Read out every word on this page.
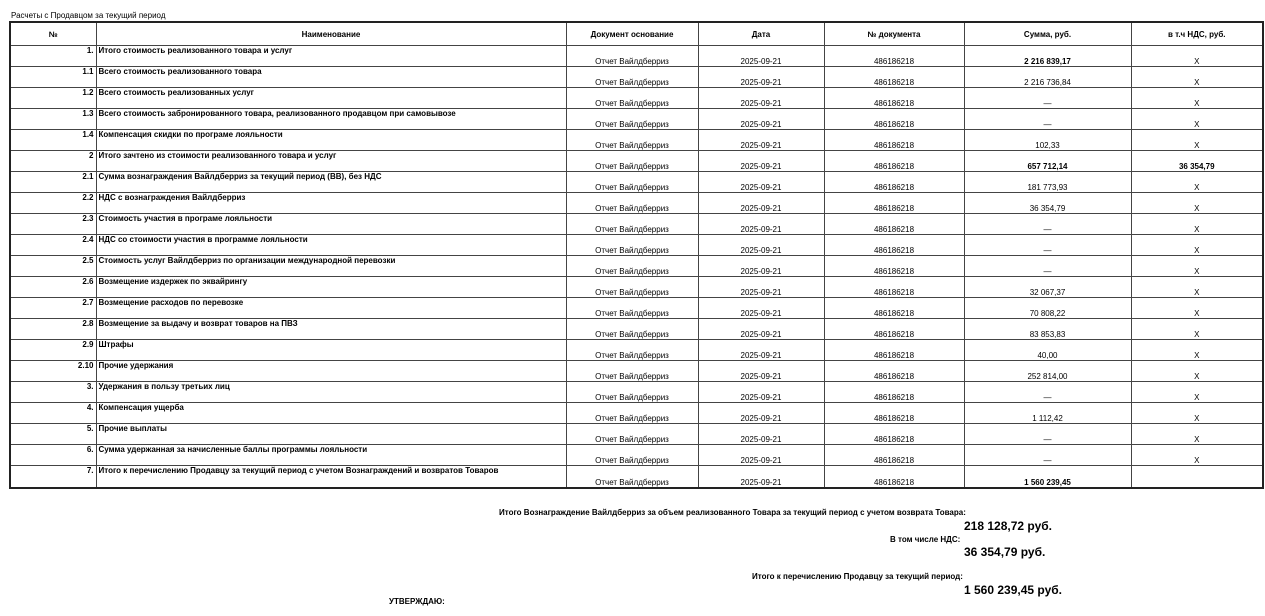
Расчеты с Продавцом за текущий период
№	Наименование	Документ основание	Дата	№ документа	Сумма, руб.	в т.ч НДС, руб.
1.	Итого стоимость реализованного товара и услуг	Отчет Вайлдберриз	2025-09-21	486186218	2 216 839,17	X
1.1	Всего стоимость реализованного товара	Отчет Вайлдберриз	2025-09-21	486186218	2 216 736,84	X
1.2	Всего стоимость реализованных услуг	Отчет Вайлдберриз	2025-09-21	486186218	—	X
1.3	Всего стоимость забронированного товара, реализованного продавцом при самовывозе	Отчет Вайлдберриз	2025-09-21	486186218	—	X
1.4	Компенсация скидки по програме лояльности	Отчет Вайлдберриз	2025-09-21	486186218	102,33	X
2	Итого зачтено из стоимости реализованного товара и услуг	Отчет Вайлдберриз	2025-09-21	486186218	657 712,14	36 354,79
2.1	Сумма вознаграждения Вайлдберриз за текущий период (ВВ), без НДС	Отчет Вайлдберриз	2025-09-21	486186218	181 773,93	X
2.2	НДС с вознаграждения Вайлдберриз	Отчет Вайлдберриз	2025-09-21	486186218	36 354,79	X
2.3	Стоимость участия в програме лояльности	Отчет Вайлдберриз	2025-09-21	486186218	—	X
2.4	НДС со стоимости участия в программе лояльности	Отчет Вайлдберриз	2025-09-21	486186218	—	X
2.5	Стоимость услуг Вайлдберриз по организации международной перевозки	Отчет Вайлдберриз	2025-09-21	486186218	—	X
2.6	Возмещение издержек по эквайрингу	Отчет Вайлдберриз	2025-09-21	486186218	32 067,37	X
2.7	Возмещение расходов по перевозке	Отчет Вайлдберриз	2025-09-21	486186218	70 808,22	X
2.8	Возмещение за выдачу и возврат товаров на ПВЗ	Отчет Вайлдберриз	2025-09-21	486186218	83 853,83	X
2.9	Штрафы	Отчет Вайлдберриз	2025-09-21	486186218	40,00	X
2.10	Прочие удержания	Отчет Вайлдберриз	2025-09-21	486186218	252 814,00	X
3.	Удержания в пользу третьих лиц	Отчет Вайлдберриз	2025-09-21	486186218	—	X
4.	Компенсация ущерба	Отчет Вайлдберриз	2025-09-21	486186218	1 112,42	X
5.	Прочие выплаты	Отчет Вайлдберриз	2025-09-21	486186218	—	X
6.	Сумма удержанная за начисленные баллы программы лояльности	Отчет Вайлдберриз	2025-09-21	486186218	—	X
7.	Итого к перечислению Продавцу за текущий период с учетом Вознаграждений и возвратов Товаров	Отчет Вайлдберриз	2025-09-21	486186218	1 560 239,45	
Итого Вознаграждение Вайлдберриз за объем реализованного Товара за текущий период с учетом возврата Товара:
218 128,72 руб.
В том числе НДС:
36 354,79 руб.
Итого к перечислению Продавцу за текущий период:
1 560 239,45 руб.
УТВЕРЖДАЮ:
